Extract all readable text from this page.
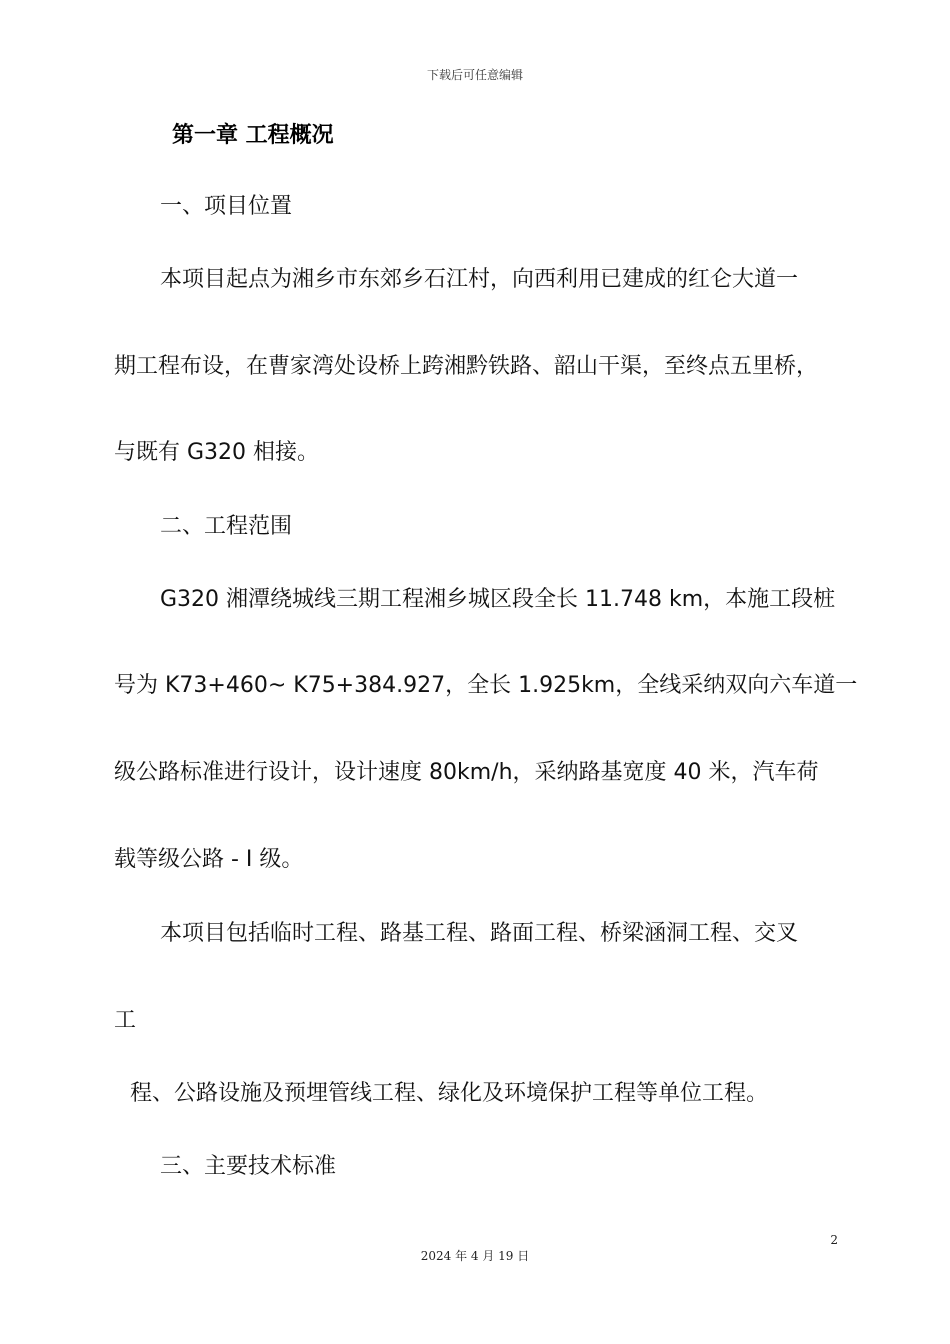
下载后可任意编辑
第一章 工程概况
一、项目位置
本项目起点为湘乡市东郊乡石江村，向西利用已建成的红仑大道一
期工程布设，在曹家湾处设桥上跨湘黔铁路、韶山干渠，至终点五里桥，
与既有 G320 相接。
二、工程范围
G320 湘潭绕城线三期工程湘乡城区段全长 11.748 km，本施工段桩
号为 K73+460~ K75+384.927，全长 1.925km，全线采纳双向六车道一
级公路标准进行设计，设计速度 80km/h，采纳路基宽度 40 米，汽车荷
载等级公路 - I 级。
本项目包括临时工程、路基工程、路面工程、桥梁涵洞工程、交叉
工
程、公路设施及预埋管线工程、绿化及环境保护工程等单位工程。
三、主要技术标准
2
2024 年 4 月 19 日
